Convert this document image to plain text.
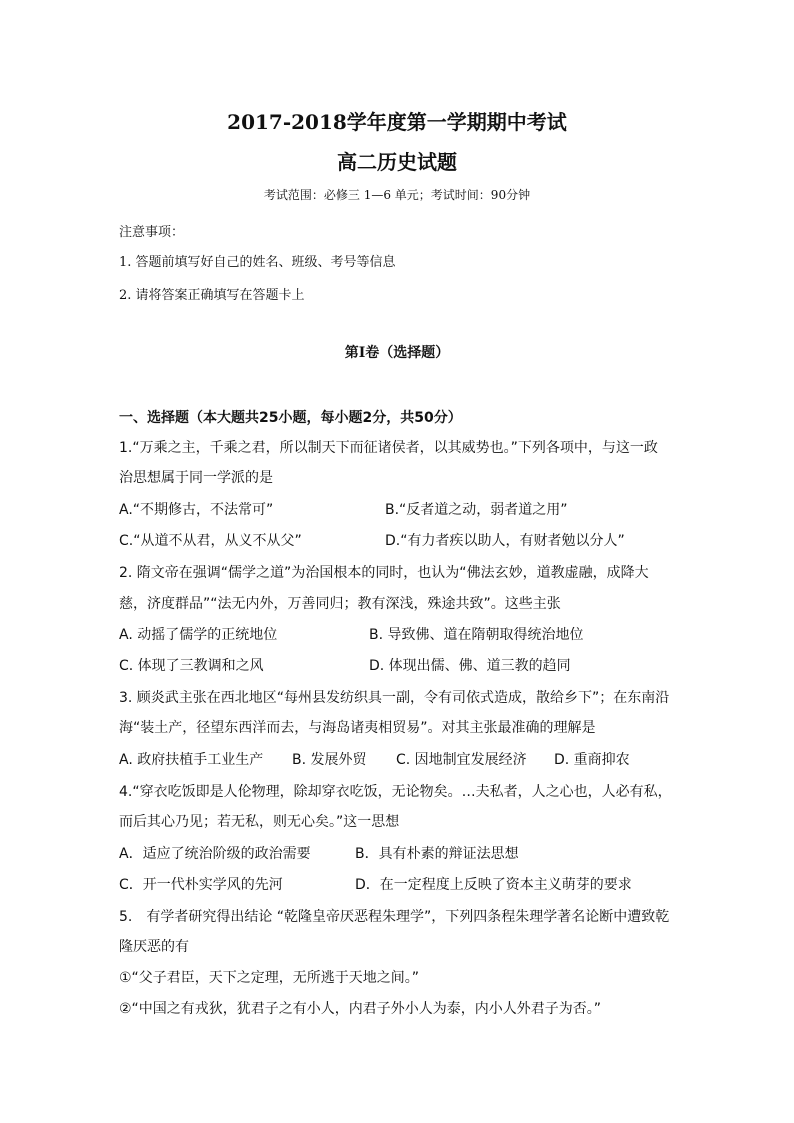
2017-2018学年度第一学期期中考试
高二历史试题
考试范围：必修三 1—6 单元；考试时间：90分钟
注意事项：
1. 答题前填写好自己的姓名、班级、考号等信息
2. 请将答案正确填写在答题卡上
第I卷（选择题）
一、选择题（本大题共25小题，每小题2分，共50分）
1.“万乘之主，千乘之君，所以制天下而征诸侯者，以其威势也。”下列各项中，与这一政
治思想属于同一学派的是
A.“不期修古，不法常可”	B.“反者道之动，弱者道之用”
C.“从道不从君，从义不从父”	D.“有力者疾以助人，有财者勉以分人”
2. 隋文帝在强调“儒学之道”为治国根本的同时，也认为“佛法玄妙，道教虚融，成降大
慈，济度群品”“法无内外，万善同归；教有深浅，殊途共致”。这些主张
A. 动摇了儒学的正统地位	B. 导致佛、道在隋朝取得统治地位
C. 体现了三教调和之风	D. 体现出儒、佛、道三教的趋同
3. 顾炎武主张在西北地区“每州县发纺织具一副，令有司依式造成，散给乡下”；在东南沿
海“装土产，径望东西洋而去，与海岛诸夷相贸易”。对其主张最准确的理解是
A. 政府扶植手工业生产 B. 发展外贸 C. 因地制宜发展经济 D. 重商抑农
4.“穿衣吃饭即是人伦物理，除却穿衣吃饭，无论物矣。…夫私者，人之心也，人必有私，
而后其心乃见；若无私，则无心矣。”这一思想
A．适应了统治阶级的政治需要	B．具有朴素的辩证法思想
C．开一代朴实学风的先河	D．在一定程度上反映了资本主义萌芽的要求
5.　有学者研究得出结论 “乾隆皇帝厌恶程朱理学”，下列四条程朱理学著名论断中遭致乾
隆厌恶的有
①“父子君臣，天下之定理，无所逃于天地之间。”
②“中国之有戎狄，犹君子之有小人，内君子外小人为泰，内小人外君子为否。”
